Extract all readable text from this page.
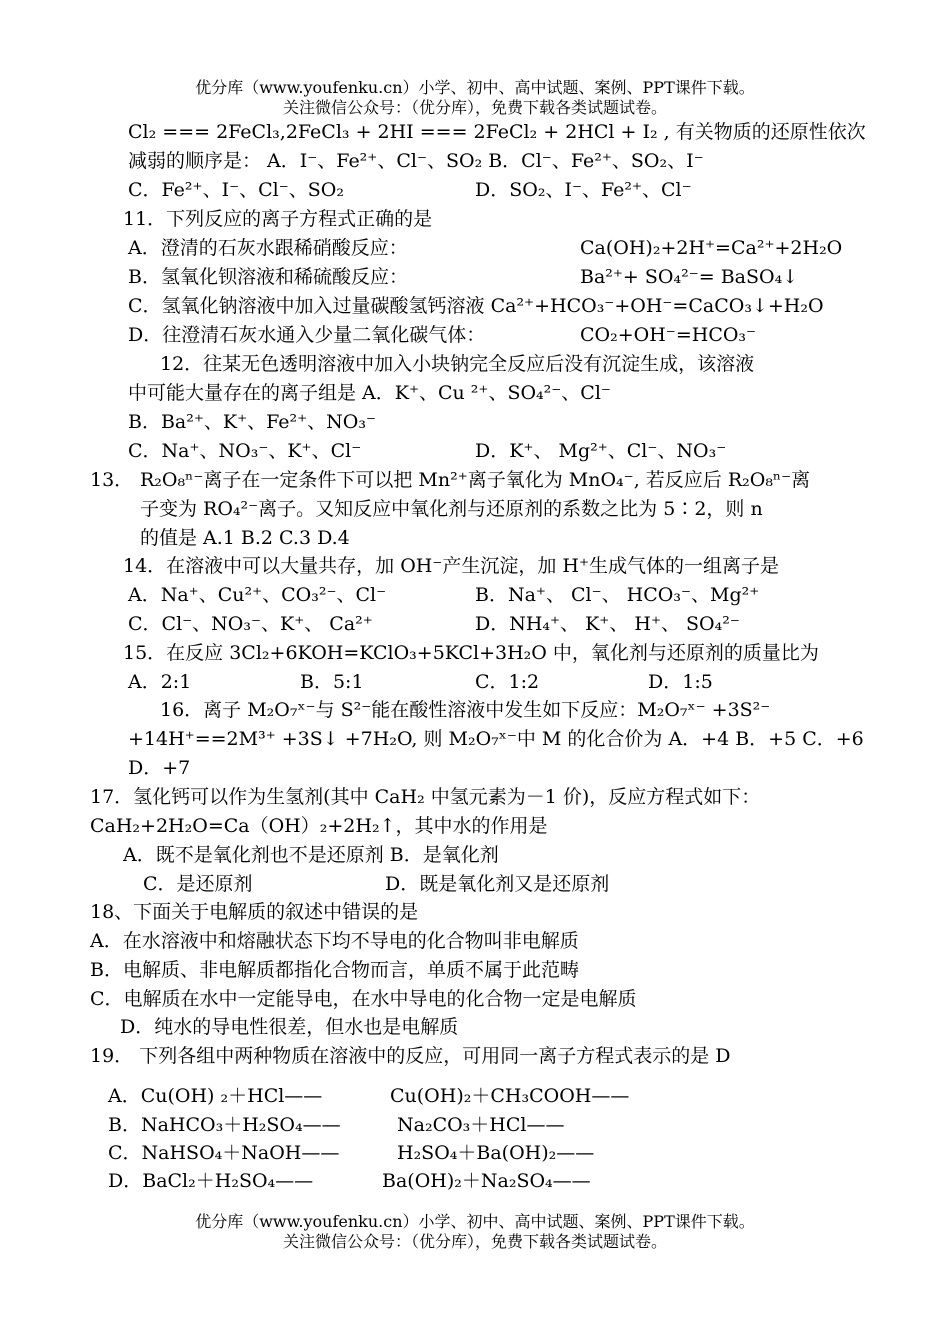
优分库（www.youfenku.cn）小学、初中、高中试题、案例、PPT课件下载。
关注微信公众号：（优分库），免费下载各类试题试卷。
Cl₂ === 2FeCl₃,2FeCl₃ + 2HI === 2FeCl₂ + 2HCl + I₂ , 有关物质的还原性依次
减弱的顺序是： A．I⁻、Fe²⁺、Cl⁻、SO₂ B．Cl⁻、Fe²⁺、SO₂、I⁻
C．Fe²⁺、I⁻、Cl⁻、SO₂	D．SO₂、I⁻、Fe²⁺、Cl⁻
11．下列反应的离子方程式正确的是
A．澄清的石灰水跟稀硝酸反应：	Ca(OH)₂+2H⁺=Ca²⁺+2H₂O
B．氢氧化钡溶液和稀硫酸反应：	Ba²⁺+ SO₄²⁻= BaSO₄↓
C．氢氧化钠溶液中加入过量碳酸氢钙溶液 Ca²⁺+HCO₃⁻+OH⁻=CaCO₃↓+H₂O
D．往澄清石灰水通入少量二氧化碳气体：	CO₂+OH⁻=HCO₃⁻
12．往某无色透明溶液中加入小块钠完全反应后没有沉淀生成，该溶液
中可能大量存在的离子组是 A．K⁺、Cu ²⁺、SO₄²⁻、Cl⁻
B．Ba²⁺、K⁺、Fe²⁺、NO₃⁻
C．Na⁺、NO₃⁻、K⁺、Cl⁻	D．K⁺、 Mg²⁺、Cl⁻、NO₃⁻
13． R₂O₈ⁿ⁻离子在一定条件下可以把 Mn²⁺离子氧化为 MnO₄⁻, 若反应后 R₂O₈ⁿ⁻离
子变为 RO₄²⁻离子。又知反应中氧化剂与还原剂的系数之比为 5∶2，则 n
的值是 A.1 B.2 C.3 D.4
14．在溶液中可以大量共存，加 OH⁻产生沉淀，加 H⁺生成气体的一组离子是
A．Na⁺、Cu²⁺、CO₃²⁻、Cl⁻	B．Na⁺、 Cl⁻、 HCO₃⁻、Mg²⁺
C．Cl⁻、NO₃⁻、K⁺、 Ca²⁺	D．NH₄⁺、 K⁺、 H⁺、 SO₄²⁻
15．在反应 3Cl₂+6KOH=KClO₃+5KCl+3H₂O 中，氧化剂与还原剂的质量比为
A．2:1	B．5:1	C．1:2	D．1:5
16．离子 M₂O₇ˣ⁻与 S²⁻能在酸性溶液中发生如下反应：M₂O₇ˣ⁻ +3S²⁻
+14H⁺==2M³⁺ +3S↓ +7H₂O, 则 M₂O₇ˣ⁻中 M 的化合价为 A．+4 B．+5 C．+6
D．+7
17．氢化钙可以作为生氢剂(其中 CaH₂ 中氢元素为－1 价)，反应方程式如下：
CaH₂+2H₂O=Ca（OH）₂+2H₂↑，其中水的作用是
A．既不是氧化剂也不是还原剂 B．是氧化剂
C．是还原剂	D．既是氧化剂又是还原剂
18、下面关于电解质的叙述中错误的是
A．在水溶液中和熔融状态下均不导电的化合物叫非电解质
B．电解质、非电解质都指化合物而言，单质不属于此范畴
C．电解质在水中一定能导电，在水中导电的化合物一定是电解质
D．纯水的导电性很差，但水也是电解质
19． 下列各组中两种物质在溶液中的反应，可用同一离子方程式表示的是 D
A．Cu(OH) ₂＋HCl——	Cu(OH)₂＋CH₃COOH——
B．NaHCO₃＋H₂SO₄——	Na₂CO₃＋HCl——
C．NaHSO₄＋NaOH——	H₂SO₄＋Ba(OH)₂——
D．BaCl₂＋H₂SO₄——	Ba(OH)₂＋Na₂SO₄——
优分库（www.youfenku.cn）小学、初中、高中试题、案例、PPT课件下载。
关注微信公众号：（优分库），免费下载各类试题试卷。
